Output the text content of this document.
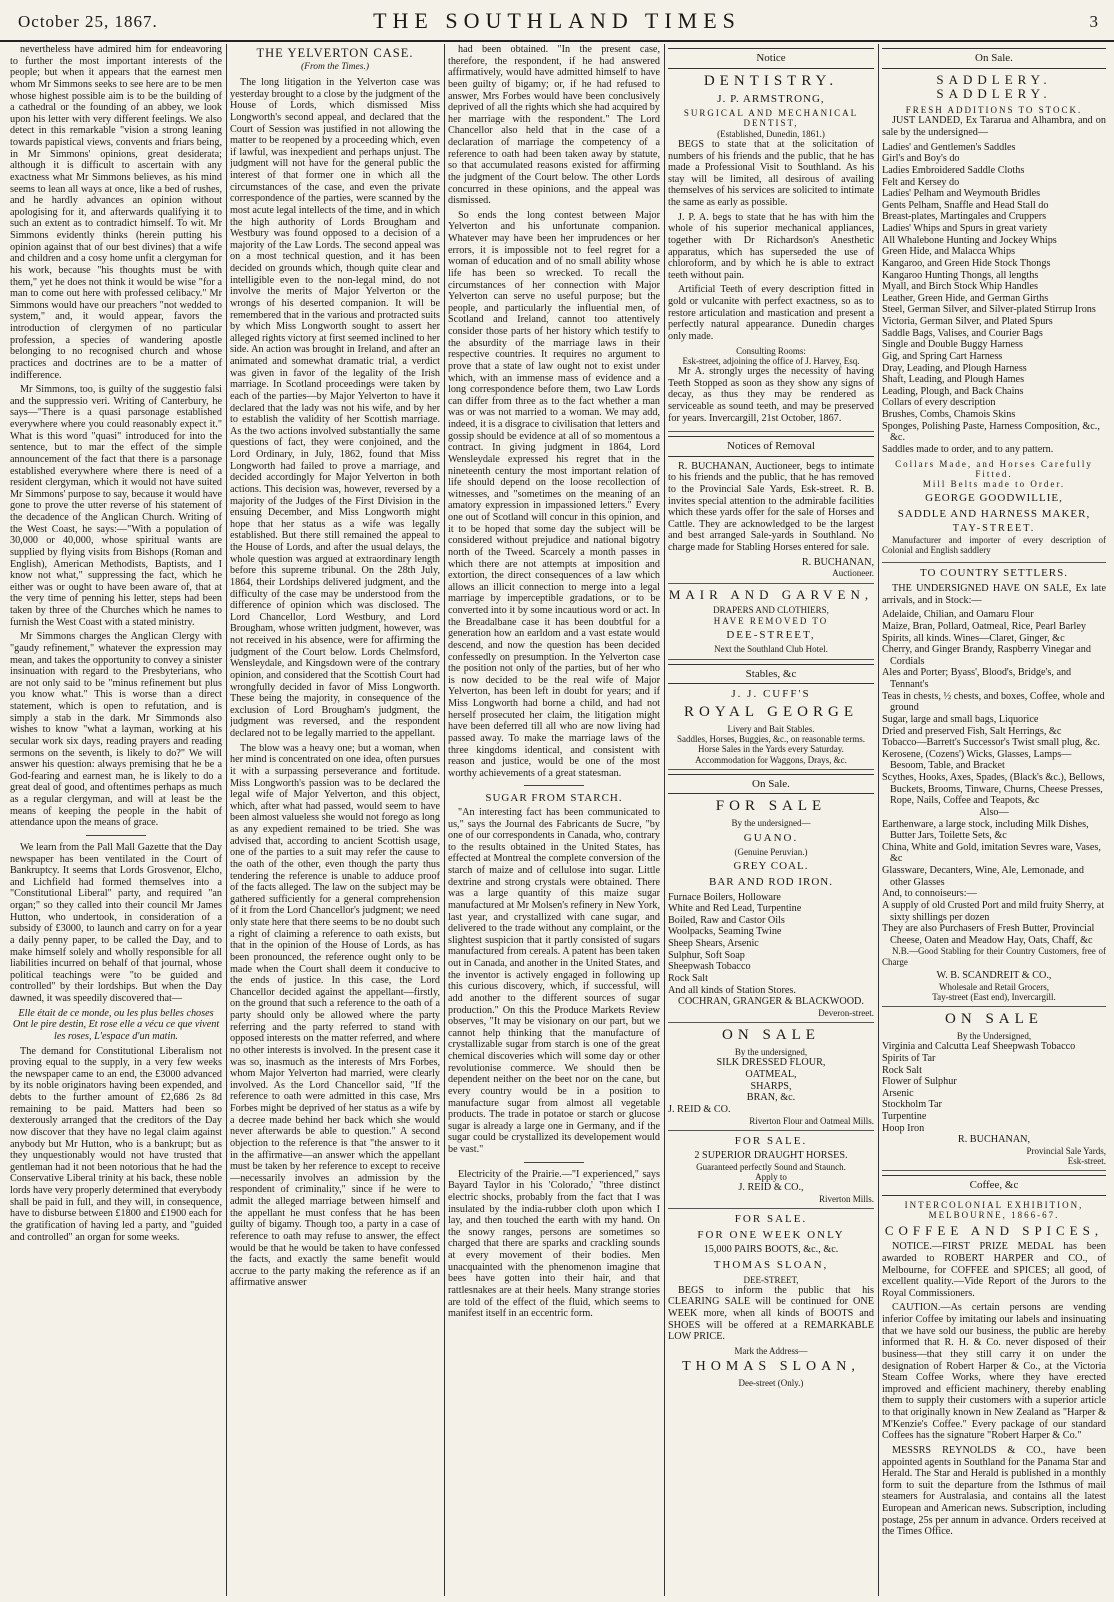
October 25, 1867.	THE SOUTHLAND TIMES	3

nevertheless have admired him for endeavoring to further the most important interests of the people; but when it appears that the earnest men whom Mr Simmons seeks to see here are to be men whose highest possible aim is to be the building of a cathedral or the founding of an abbey, we look upon his letter with very different feelings. We also detect in this remarkable "vision a strong leaning towards papistical views, convents and friars being, in Mr Simmons' opinions, great desiderata; although it is difficult to ascertain with any exactness what Mr Simmons believes, as his mind seems to lean all ways at once, like a bed of rushes, and he hardly advances an opinion without apologising for it, and afterwards qualifying it to such an extent as to contradict himself. To wit. Mr Simmons evidently thinks (herein putting his opinion against that of our best divines) that a wife and children and a cosy home unfit a clergyman for his work, because "his thoughts must be with them," yet he does not think it would be wise "for a man to come out here with professed celibacy." Mr Simmons would have our preachers "not wedded to system," and, it would appear, favors the introduction of clergymen of no particular profession, a species of wandering apostle belonging to no recognised church and whose practices and doctrines are to be a matter of indifference.

Mr Simmons, too, is guilty of the suggestio falsi and the suppressio veri. Writing of Canterbury, he says—"There is a quasi parsonage established everywhere where you could reasonably expect it." What is this word "quasi" introduced for into the sentence, but to mar the effect of the simple announcement of the fact that there is a parsonage established everywhere where there is need of a resident clergyman, which it would not have suited Mr Simmons' purpose to say, because it would have gone to prove the utter reverse of his statement of the decadence of the Anglican Church. Writing of the West Coast, he says:—"With a population of 30,000 or 40,000, whose spiritual wants are supplied by flying visits from Bishops (Roman and English), American Methodists, Baptists, and I know not what," suppressing the fact, which he either was or ought to have been aware of, that at the very time of penning his letter, steps had been taken by three of the Churches which he names to furnish the West Coast with a stated ministry.

Mr Simmons charges the Anglican Clergy with "gaudy refinement," whatever the expression may mean, and takes the opportunity to convey a sinister insinuation with regard to the Presbyterians, who are not only said to be "minus refinement but plus you know what." This is worse than a direct statement, which is open to refutation, and is simply a stab in the dark. Mr Simmonds also wishes to know "what a layman, working at his secular work six days, reading prayers and reading sermons on the seventh, is likely to do?" We will answer his question: always premising that he be a God-fearing and earnest man, he is likely to do a great deal of good, and oftentimes perhaps as much as a regular clergyman, and will at least be the means of keeping the people in the habit of attendance upon the means of grace.

We learn from the Pall Mall Gazette that the Day newspaper has been ventilated in the Court of Bankruptcy. It seems that Lords Grosvenor, Elcho, and Lichfield had formed themselves into a "Constitutional Liberal" party, and required "an organ;" so they called into their council Mr James Hutton, who undertook, in consideration of a subsidy of £3000, to launch and carry on for a year a daily penny paper, to be called the Day, and to make himself solely and wholly responsible for all liabilities incurred on behalf of that journal, whose political teachings were "to be guided and controlled" by their lordships. But when the Day dawned, it was speedily discovered that—

Elle était de ce monde, ou les plus belles choses Ont le pire destin, Et rose elle a vécu ce que vivent les roses, L'espace d'un matin.

The demand for Constitutional Liberalism not proving equal to the supply, in a very few weeks the newspaper came to an end, the £3000 advanced by its noble originators having been expended, and debts to the further amount of £2,686 2s 8d remaining to be paid. Matters had been so dexterously arranged that the creditors of the Day now discover that they have no legal claim against anybody but Mr Hutton, who is a bankrupt; but as they unquestionably would not have trusted that gentleman had it not been notorious that he had the Conservative Liberal trinity at his back, these noble lords have very properly determined that everybody shall be paid in full, and they will, in consequence, have to disburse between £1800 and £1900 each for the gratification of having led a party, and "guided and controlled" an organ for some weeks.

THE YELVERTON CASE.
(From the Times.)

The long litigation in the Yelverton case was yesterday brought to a close by the judgment of the House of Lords, which dismissed Miss Longworth's second appeal, and declared that the Court of Session was justified in not allowing the matter to be reopened by a proceeding which, even if lawful, was inexpedient and perhaps unjust. The judgment will not have for the general public the interest of that former one in which all the circumstances of the case, and even the private correspondence of the parties, were scanned by the most acute legal intellects of the time, and in which the high authority of Lords Brougham and Westbury was found opposed to a decision of a majority of the Law Lords. The second appeal was on a most technical question, and it has been decided on grounds which, though quite clear and intelligible even to the non-legal mind, do not involve the merits of Major Yelverton or the wrongs of his deserted companion. It will be remembered that in the various and protracted suits by which Miss Longworth sought to assert her alleged rights victory at first seemed inclined to her side. An action was brought in Ireland, and after an animated and somewhat dramatic trial, a verdict was given in favor of the legality of the Irish marriage. In Scotland proceedings were taken by each of the parties—by Major Yelverton to have it declared that the lady was not his wife, and by her to establish the validity of her Scottish marriage. As the two actions involved substantially the same questions of fact, they were conjoined, and the Lord Ordinary, in July, 1862, found that Miss Longworth had failed to prove a marriage, and decided accordingly for Major Yelverton in both actions. This decision was, however, reversed by a majority of the Judges of the First Division in the ensuing December, and Miss Longworth might hope that her status as a wife was legally established. But there still remained the appeal to the House of Lords, and after the usual delays, the whole question was argued at extraordinary length before this supreme tribunal. On the 28th July, 1864, their Lordships delivered judgment, and the difficulty of the case may be understood from the difference of opinion which was disclosed. The Lord Chancellor, Lord Westbury, and Lord Brougham, whose written judgment, however, was not received in his absence, were for affirming the judgment of the Court below. Lords Chelmsford, Wensleydale, and Kingsdown were of the contrary opinion, and considered that the Scottish Court had wrongfully decided in favor of Miss Longworth. These being the majority, in consequence of the exclusion of Lord Brougham's judgment, the judgment was reversed, and the respondent declared not to be legally married to the appellant.

The blow was a heavy one; but a woman, when her mind is concentrated on one idea, often pursues it with a surpassing perseverance and fortitude. Miss Longworth's passion was to be declared the legal wife of Major Yelverton, and this object, which, after what had passed, would seem to have been almost valueless she would not forego as long as any expedient remained to be tried. She was advised that, according to ancient Scottish usage, one of the parties to a suit may refer the cause to the oath of the other, even though the party thus tendering the reference is unable to adduce proof of the facts alleged. The law on the subject may be gathered sufficiently for a general comprehension of it from the Lord Chancellor's judgment; we need only state here that there seems to be no doubt such a right of claiming a reference to oath exists, but that in the opinion of the House of Lords, as has been pronounced, the reference ought only to be made when the Court shall deem it conducive to the ends of justice. In this case, the Lord Chancellor decided against the appellant—firstly, on the ground that such a reference to the oath of a party should only be allowed where the party referring and the party referred to stand with opposed interests on the matter referred, and where no other interests is involved. In the present case it was so, inasmuch as the interests of Mrs Forbes, whom Major Yelverton had married, were clearly involved. As the Lord Chancellor said, "If the reference to oath were admitted in this case, Mrs Forbes might be deprived of her status as a wife by a decree made behind her back which she would never afterwards be able to question." A second objection to the reference is that "the answer to it in the affirmative—an answer which the appellant must be taken by her reference to except to receive—necessarily involves an admission by the respondent of criminality," since if he were to admit the alleged marriage between himself and the appellant he must confess that he has been guilty of bigamy. Though too, a party in a case of reference to oath may refuse to answer, the effect would be that he would be taken to have confessed the facts, and exactly the same benefit would accrue to the party making the reference as if an affirmative answer

had been obtained. "In the present case, therefore, the respondent, if he had answered affirmatively, would have admitted himself to have been guilty of bigamy; or, if he had refused to answer, Mrs Forbes would have been conclusively deprived of all the rights which she had acquired by her marriage with the respondent." The Lord Chancellor also held that in the case of a declaration of marriage the competency of a reference to oath had been taken away by statute, so that accumulated reasons existed for affirming the judgment of the Court below. The other Lords concurred in these opinions, and the appeal was dismissed.

So ends the long contest between Major Yelverton and his unfortunate companion. Whatever may have been her imprudences or her errors, it is impossible not to feel regret for a woman of education and of no small ability whose life has been so wrecked. To recall the circumstances of her connection with Major Yelverton can serve no useful purpose; but the people, and particularly the influential men, of Scotland and Ireland, cannot too attentively consider those parts of her history which testify to the absurdity of the marriage laws in their respective countries. It requires no argument to prove that a state of law ought not to exist under which, with an immense mass of evidence and a long correspondence before them, two Law Lords can differ from three as to the fact whether a man was or was not married to a woman. We may add, indeed, it is a disgrace to civilisation that letters and gossip should be evidence at all of so momentous a contract. In giving judgment in 1864, Lord Wensleydale expressed his regret that in the nineteenth century the most important relation of life should depend on the loose recollection of witnesses, and "sometimes on the meaning of an amatory expression in impassioned letters." Every one out of Scotland will concur in this opinion, and it to be hoped that some day the subject will be considered without prejudice and national bigotry north of the Tweed. Scarcely a month passes in which there are not attempts at imposition and extortion, the direct consequences of a law which allows an illicit connection to merge into a legal marriage by imperceptible gradations, or to be converted into it by some incautious word or act. In the Breadalbane case it has been doubtful for a generation how an earldom and a vast estate would descend, and now the question has been decided confessedly on presumption. In the Yelverton case the position not only of the parties, but of her who is now decided to be the real wife of Major Yelverton, has been left in doubt for years; and if Miss Longworth had borne a child, and had not herself prosecuted her claim, the litigation might have been deferred till all who are now living had passed away. To make the marriage laws of the three kingdoms identical, and consistent with reason and justice, would be one of the most worthy achievements of a great statesman.

SUGAR FROM STARCH.

"An interesting fact has been communicated to us," says the Journal des Fabricants de Sucre, "by one of our correspondents in Canada, who, contrary to the results obtained in the United States, has effected at Montreal the complete conversion of the starch of maize and of cellulose into sugar. Little dextrine and strong crystals were obtained. There was a large quantity of this maize sugar manufactured at Mr Molsen's refinery in New York, last year, and crystallized with cane sugar, and delivered to the trade without any complaint, or the slightest suspicion that it partly consisted of sugars manufactured from cereals. A patent has been taken out in Canada, and another in the United States, and the inventor is actively engaged in following up this curious discovery, which, if successful, will add another to the different sources of sugar production." On this the Produce Markets Review observes, "It may be visionary on our part, but we cannot help thinking that the manufacture of crystallizable sugar from starch is one of the great chemical discoveries which will some day or other revolutionise commerce. We should then be dependent neither on the beet nor on the cane, but every country would be in a position to manufacture sugar from almost all vegetable products. The trade in potatoe or starch or glucose sugar is already a large one in Germany, and if the sugar could be crystallized its developement would be vast."

Electricity of the Prairie.—"I experienced," says Bayard Taylor in his 'Colorado,' "three distinct electric shocks, probably from the fact that I was insulated by the india-rubber cloth upon which I lay, and then touched the earth with my hand. On the snowy ranges, persons are sometimes so charged that there are sparks and crackling sounds at every movement of their bodies. Men unacquainted with the phenomenon imagine that bees have gotten into their hair, and that rattlesnakes are at their heels. Many strange stories are told of the effect of the fluid, which seems to manifest itself in an eccentric form.

Notice
DENTISTRY.
J. P. ARMSTRONG,
SURGICAL AND MECHANICAL DENTIST,
(Established, Dunedin, 1861.)

BEGS to state that at the solicitation of numbers of his friends and the public, that he has made a Professional Visit to Southland. As his stay will be limited, all desirous of availing themselves of his services are solicited to intimate the same as early as possible.

J. P. A. begs to state that he has with him the whole of his superior mechanical appliances, together with Dr Richardson's Anesthetic apparatus, which has superseded the use of chloroform, and by which he is able to extract teeth without pain.

Artificial Teeth of every description fitted in gold or vulcanite with perfect exactness, so as to restore articulation and mastication and present a perfectly natural appearance. Dunedin charges only made.

Consulting Rooms:
Esk-street, adjoining the office of J. Harvey, Esq.

Mr A. strongly urges the necessity of having Teeth Stopped as soon as they show any signs of decay, as thus they may be rendered as serviceable as sound teeth, and may be preserved for years. Invercargill, 21st October, 1867.

Notices of Removal

R. BUCHANAN, Auctioneer, begs to intimate to his friends and the public, that he has removed to the Provincial Sale Yards, Esk-street. R. B. invites special attention to the admirable facilities which these yards offer for the sale of Horses and Cattle. They are acknowledged to be the largest and best arranged Sale-yards in Southland. No charge made for Stabling Horses entered for sale.

R. BUCHANAN,
Auctioneer.
MAIR AND GARVEN,
DRAPERS AND CLOTHIERS,
HAVE REMOVED TO
DEE-STREET,
Next the Southland Club Hotel.
Stables, &c
J. J. CUFF'S
ROYAL GEORGE
Livery and Bait Stables.
Saddles, Horses, Buggies, &c., on reasonable terms.
Horse Sales in the Yards every Saturday.
Accommodation for Waggons, Drays, &c.
On Sale.
FOR SALE
By the undersigned—
GUANO.
(Genuine Peruvian.)
GREY COAL.
BAR AND ROD IRON.
Furnace Boilers, Holloware
White and Red Lead, Turpentine
Boiled, Raw and Castor Oils
Woolpacks, Seaming Twine
Sheep Shears, Arsenic
Sulphur, Soft Soap
Sheepwash Tobacco
Rock Salt
And all kinds of Station Stores.
COCHRAN, GRANGER & BLACKWOOD.
Deveron-street.
ON SALE
By the undersigned,
SILK DRESSED FLOUR,
OATMEAL,
SHARPS,
BRAN, &c.
J. REID & CO.
Riverton Flour and Oatmeal Mills.
FOR SALE.
2 SUPERIOR DRAUGHT HORSES.
Guaranteed perfectly Sound and Staunch.
Apply to
J. REID & CO.,
Riverton Mills.
FOR SALE.
FOR ONE WEEK ONLY
15,000 PAIRS BOOTS, &c., &c.
THOMAS SLOAN,
DEE-STREET,

BEGS to inform the public that his CLEARING SALE will be continued for ONE WEEK more, when all kinds of BOOTS and SHOES will be offered at a REMARKABLE LOW PRICE.

Mark the Address—
THOMAS SLOAN,
Dee-street (Only.)
On Sale.
SADDLERY. SADDLERY.
FRESH ADDITIONS TO STOCK.

JUST LANDED, Ex Tararua and Alhambra, and on sale by the undersigned—

Ladies' and Gentlemen's Saddles
Girl's and Boy's do
Ladies Embroidered Saddle Cloths
Felt and Kersey do
Ladies' Pelham and Weymouth Bridles
Gents Pelham, Snaffle and Head Stall do
Breast-plates, Martingales and Cruppers
Ladies' Whips and Spurs in great variety
All Whalebone Hunting and Jockey Whips
Green Hide, and Malacca Whips
Kangaroo, and Green Hide Stock Thongs
Kangaroo Hunting Thongs, all lengths
Myall, and Birch Stock Whip Handles
Leather, Green Hide, and German Girths
Steel, German Silver, and Silver-plated Stirrup Irons
Victoria, German Silver, and Plated Spurs
Saddle Bags, Valises, and Courier Bags
Single and Double Buggy Harness
Gig, and Spring Cart Harness
Dray, Leading, and Plough Harness
Shaft, Leading, and Plough Hames
Leading, Plough, and Back Chains
Collars of every description
Brushes, Combs, Chamois Skins
Sponges, Polishing Paste, Harness Composition, &c., &c.
Saddles made to order, and to any pattern.
Collars Made, and Horses Carefully Fitted.
Mill Belts made to Order.
GEORGE GOODWILLIE,
SADDLE AND HARNESS MAKER,
TAY-STREET.

Manufacturer and importer of every description of Colonial and English saddlery

TO COUNTRY SETTLERS.

THE UNDERSIGNED HAVE ON SALE, Ex late arrivals, and in Stock:—

Adelaide, Chilian, and Oamaru Flour
Maize, Bran, Pollard, Oatmeal, Rice, Pearl Barley
Spirits, all kinds. Wines—Claret, Ginger, &c
Cherry, and Ginger Brandy, Raspberry Vinegar and Cordials
Ales and Porter; Byass', Blood's, Bridge's, and Tennant's
Teas in chests, ½ chests, and boxes, Coffee, whole and ground
Sugar, large and small bags, Liquorice
Dried and preserved Fish, Salt Herrings, &c
Tobacco—Barrett's Successor's Twist small plug, &c.
Kerosene, (Cozens') Wicks, Glasses, Lamps—Besoom, Table, and Bracket
Scythes, Hooks, Axes, Spades, (Black's &c.), Bellows, Buckets, Brooms, Tinware, Churns, Cheese Presses, Rope, Nails, Coffee and Teapots, &c
Also—
Earthenware, a large stock, including Milk Dishes, Butter Jars, Toilette Sets, &c
China, White and Gold, imitation Sevres ware, Vases, &c
Glassware, Decanters, Wine, Ale, Lemonade, and other Glasses
And, to connoiseurs:—
A supply of old Crusted Port and mild fruity Sherry, at sixty shillings per dozen
They are also Purchasers of Fresh Butter, Provincial Cheese, Oaten and Meadow Hay, Oats, Chaff, &c

N.B.—Good Stabling for their Country Customers, free of Charge

W. B. SCANDREIT & CO.,
Wholesale and Retail Grocers,
Tay-street (East end), Invercargill.
ON SALE
By the Undersigned,
Virginia and Calcutta Leaf Sheepwash Tobacco
Spirits of Tar
Rock Salt
Flower of Sulphur
Arsenic
Stockholm Tar
Turpentine
Hoop Iron
R. BUCHANAN,
Provincial Sale Yards,
Esk-street.
Coffee, &c
INTERCOLONIAL EXHIBITION,
MELBOURNE, 1866-67.
COFFEE AND SPICES,

NOTICE.—FIRST PRIZE MEDAL has been awarded to ROBERT HARPER and CO., of Melbourne, for COFFEE and SPICES; all good, of excellent quality.—Vide Report of the Jurors to the Royal Commissioners.

CAUTION.—As certain persons are vending inferior Coffee by imitating our labels and insinuating that we have sold our business, the public are hereby informed that R. H. & Co. never disposed of their business—that they still carry it on under the designation of Robert Harper & Co., at the Victoria Steam Coffee Works, where they have erected improved and efficient machinery, thereby enabling them to supply their customers with a superior article to that originally known in New Zealand as "Harper & M'Kenzie's Coffee." Every package of our standard Coffees has the signature "Robert Harper & Co."

MESSRS REYNOLDS & CO., have been appointed agents in Southland for the Panama Star and Herald. The Star and Herald is published in a monthly form to suit the departure from the Isthmus of mail steamers for Australasia, and contains all the latest European and American news. Subscription, including postage, 25s per annum in advance. Orders received at the Times Office.
